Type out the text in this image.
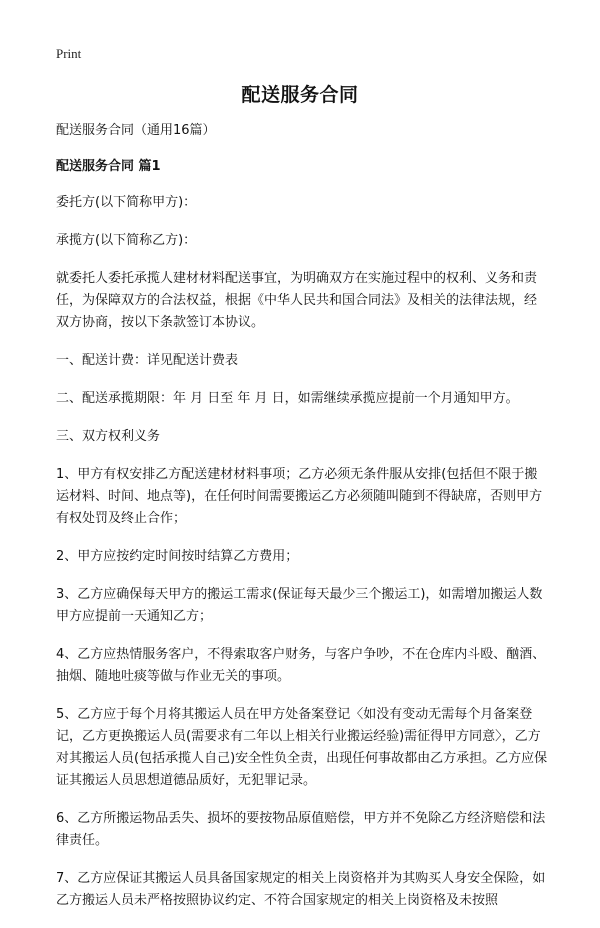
Print
配送服务合同

配送服务合同（通用16篇）

配送服务合同 篇1

委托方(以下简称甲方)：

承揽方(以下简称乙方)：

就委托人委托承揽人建材材料配送事宜，为明确双方在实施过程中的权利、义务和责任，为保障双方的合法权益，根据《中华人民共和国合同法》及相关的法律法规，经双方协商，按以下条款签订本协议。

一、配送计费：详见配送计费表

二、配送承揽期限：年 月 日至 年 月 日，如需继续承揽应提前一个月通知甲方。

三、双方权利义务

1、甲方有权安排乙方配送建材材料事项；乙方必须无条件服从安排(包括但不限于搬运材料、时间、地点等)，在任何时间需要搬运乙方必须随叫随到不得缺席，否则甲方有权处罚及终止合作；

2、甲方应按约定时间按时结算乙方费用；

3、乙方应确保每天甲方的搬运工需求(保证每天最少三个搬运工)，如需增加搬运人数甲方应提前一天通知乙方；

4、乙方应热情服务客户，不得索取客户财务，与客户争吵，不在仓库内斗殴、酗酒、抽烟、随地吐痰等做与作业无关的事项。

5、乙方应于每个月将其搬运人员在甲方处备案登记〈如没有变动无需每个月备案登记，乙方更换搬运人员(需要求有二年以上相关行业搬运经验)需征得甲方同意〉，乙方对其搬运人员(包括承揽人自己)安全性负全责，出现任何事故都由乙方承担。乙方应保证其搬运人员思想道德品质好，无犯罪记录。

6、乙方所搬运物品丢失、损坏的要按物品原值赔偿，甲方并不免除乙方经济赔偿和法律责任。

7、乙方应保证其搬运人员具备国家规定的相关上岗资格并为其购买人身安全保险，如乙方搬运人员未严格按照协议约定、不符合国家规定的相关上岗资格及未按照
